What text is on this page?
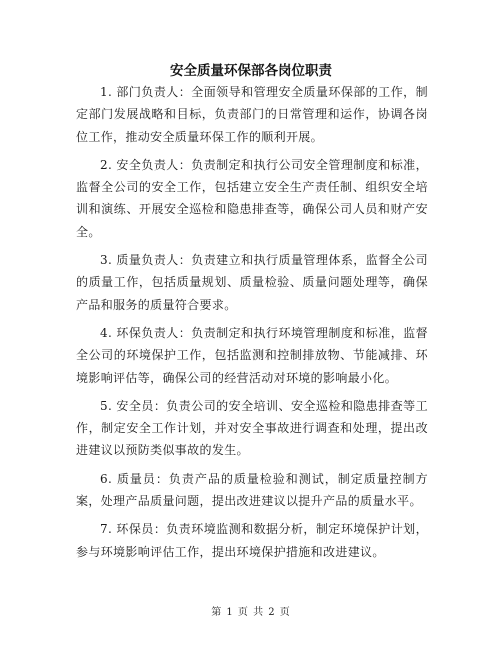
安全质量环保部各岗位职责

1. 部门负责人：全面领导和管理安全质量环保部的工作，制定部门发展战略和目标，负责部门的日常管理和运作，协调各岗位工作，推动安全质量环保工作的顺利开展。

2. 安全负责人：负责制定和执行公司安全管理制度和标准，监督全公司的安全工作，包括建立安全生产责任制、组织安全培训和演练、开展安全巡检和隐患排查等，确保公司人员和财产安全。

3. 质量负责人：负责建立和执行质量管理体系，监督全公司的质量工作，包括质量规划、质量检验、质量问题处理等，确保产品和服务的质量符合要求。

4. 环保负责人：负责制定和执行环境管理制度和标准，监督全公司的环境保护工作，包括监测和控制排放物、节能减排、环境影响评估等，确保公司的经营活动对环境的影响最小化。

5. 安全员：负责公司的安全培训、安全巡检和隐患排查等工作，制定安全工作计划，并对安全事故进行调查和处理，提出改进建议以预防类似事故的发生。

6. 质量员：负责产品的质量检验和测试，制定质量控制方案，处理产品质量问题，提出改进建议以提升产品的质量水平。

7. 环保员：负责环境监测和数据分析，制定环境保护计划，参与环境影响评估工作，提出环境保护措施和改进建议。

第 1 页 共 2 页
